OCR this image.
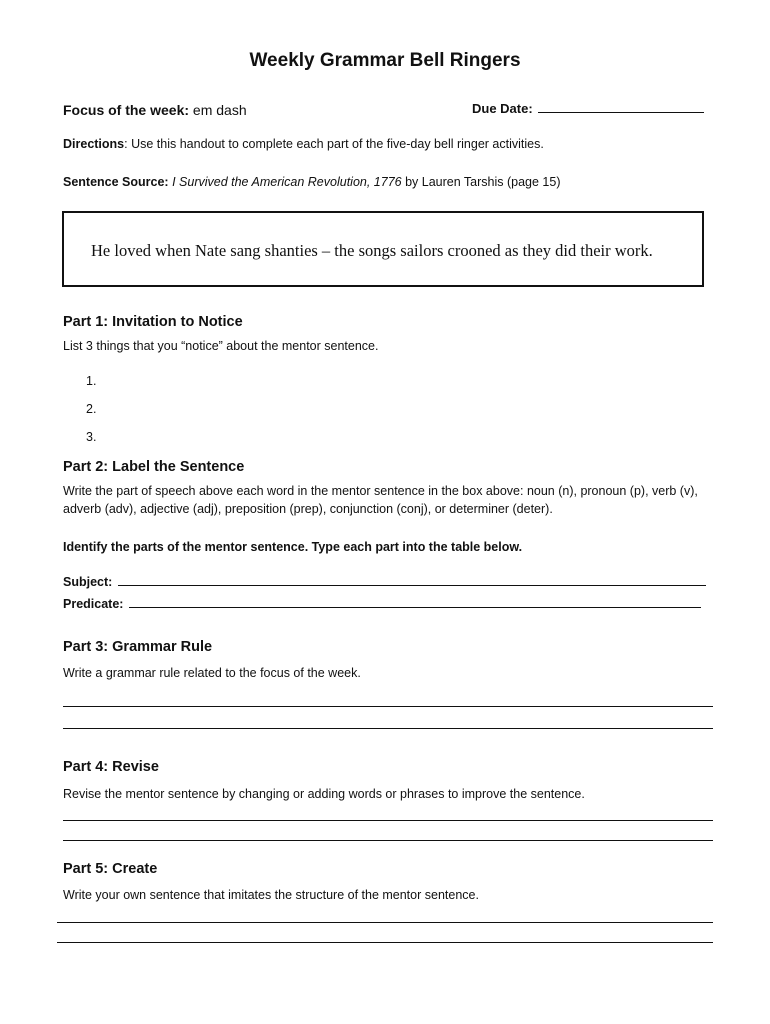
Weekly Grammar Bell Ringers
Focus of the week: em dash	Due Date:
Directions: Use this handout to complete each part of the five-day bell ringer activities.
Sentence Source: I Survived the American Revolution, 1776 by Lauren Tarshis (page 15)
He loved when Nate sang shanties – the songs sailors crooned as they did their work.
Part 1: Invitation to Notice
List 3 things that you “notice” about the mentor sentence.
1.
2.
3.
Part 2: Label the Sentence
Write the part of speech above each word in the mentor sentence in the box above: noun (n), pronoun (p), verb (v), adverb (adv), adjective (adj), preposition (prep), conjunction (conj), or determiner (deter).
Identify the parts of the mentor sentence. Type each part into the table below.
Subject:
Predicate:
Part 3: Grammar Rule
Write a grammar rule related to the focus of the week.
Part 4: Revise
Revise the mentor sentence by changing or adding words or phrases to improve the sentence.
Part 5: Create
Write your own sentence that imitates the structure of the mentor sentence.
